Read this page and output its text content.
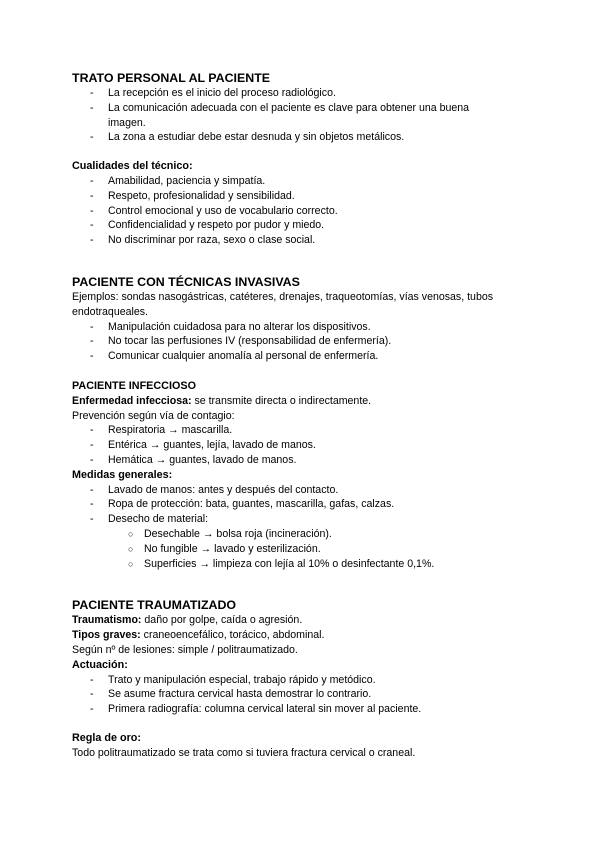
TRATO PERSONAL AL PACIENTE
- La recepción es el inicio del proceso radiológico.
- La comunicación adecuada con el paciente es clave para obtener una buena imagen.
- La zona a estudiar debe estar desnuda y sin objetos metálicos.
Cualidades del técnico:
- Amabilidad, paciencia y simpatía.
- Respeto, profesionalidad y sensibilidad.
- Control emocional y uso de vocabulario correcto.
- Confidencialidad y respeto por pudor y miedo.
- No discriminar por raza, sexo o clase social.
PACIENTE CON TÉCNICAS INVASIVAS
Ejemplos: sondas nasogástricas, catéteres, drenajes, traqueotomías, vías venosas, tubos endotraqueales.
- Manipulación cuidadosa para no alterar los dispositivos.
- No tocar las perfusiones IV (responsabilidad de enfermería).
- Comunicar cualquier anomalía al personal de enfermería.
PACIENTE INFECCIOSO
Enfermedad infecciosa: se transmite directa o indirectamente.
Prevención según vía de contagio:
- Respiratoria → mascarilla.
- Entérica → guantes, lejía, lavado de manos.
- Hemática → guantes, lavado de manos.
Medidas generales:
- Lavado de manos: antes y después del contacto.
- Ropa de protección: bata, guantes, mascarilla, gafas, calzas.
- Desecho de material:
○ Desechable → bolsa roja (incineración).
○ No fungible → lavado y esterilización.
○ Superficies → limpieza con lejía al 10% o desinfectante 0,1%.
PACIENTE TRAUMATIZADO
Traumatismo: daño por golpe, caída o agresión.
Tipos graves: craneoencefálico, torácico, abdominal.
Según nº de lesiones: simple / politraumatizado.
Actuación:
- Trato y manipulación especial, trabajo rápido y metódico.
- Se asume fractura cervical hasta demostrar lo contrario.
- Primera radiografía: columna cervical lateral sin mover al paciente.
Regla de oro:
Todo politraumatizado se trata como si tuviera fractura cervical o craneal.
